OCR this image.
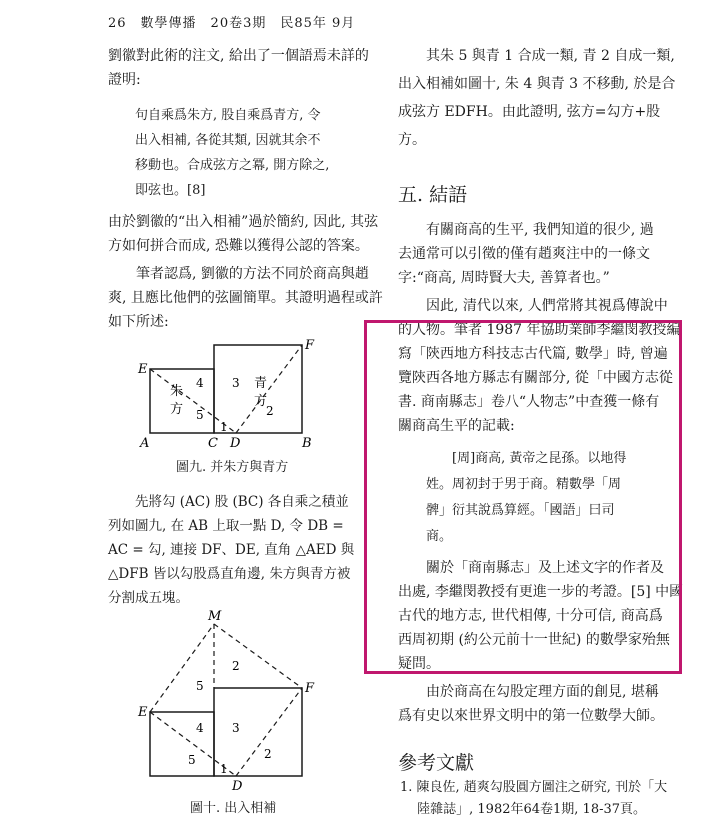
26　數學傳播　20卷3期　民85年 9月
劉徽對此術的注文, 給出了一個語焉未詳的
證明:
句自乘爲朱方, 股自乘爲青方, 令
出入相補, 各從其類, 因就其余不
移動也。合成弦方之冪, 開方除之,
即弦也。[8]
由於劉徽的“出入相補”過於簡約, 因此, 其弦
方如何拼合而成, 恐難以獲得公認的答案。
　　筆者認爲, 劉徽的方法不同於商高與趙
爽, 且應比他們的弦圖簡單。其證明過程或許
如下所述:
E
F
A	C D	B
朱
方
青
方
4 3
5	2
1
圖九. 并朱方與青方
先將勾 (AC) 股 (BC) 各自乘之積並
列如圖九, 在 AB 上取一點 D, 令 DB =
AC = 勾, 連接 DF、DE, 直角 △AED 與
△DFB 皆以勾股爲直角邊, 朱方與青方被
分割成五塊。
M
F
E
D
5
2
4 3
5	2
1
圖十. 出入相補
　　其朱 5 與青 1 合成一類, 青 2 自成一類,
出入相補如圖十, 朱 4 與青 3 不移動, 於是合
成弦方 EDFH。由此證明, 弦方=勾方+股
方。
五. 結語
　　有關商高的生平, 我們知道的很少, 過
去通常可以引徵的僅有趙爽注中的一條文
字:“商高, 周時賢大夫, 善算者也。”
　　因此, 清代以來, 人們常將其視爲傳說中
的人物。筆者 1987 年協助業師李繼閔教授編
寫「陝西地方科技志古代篇, 數學」時, 曾遍
覽陝西各地方縣志有關部分, 從「中國方志從
書. 商南縣志」卷八“人物志”中查獲一條有
關商高生平的記載:
[周]商高, 黃帝之昆孫。以地得
姓。周初封于男于商。精數學「周
髀」衍其說爲算經。「國語」曰司
商。
　　關於「商南縣志」及上述文字的作者及
出處, 李繼閔教授有更進一步的考證。[5] 中國
古代的地方志, 世代相傳, 十分可信, 商高爲
西周初期 (約公元前十一世紀) 的數學家殆無
疑問。
　　由於商高在勾股定理方面的創見, 堪稱
爲有史以來世界文明中的第一位數學大師。
參考文獻
1. 陳良佐, 趙爽勾股圓方圖注之研究, 刊於「大
　 陸雜誌」, 1982年64卷1期, 18-37頁。
